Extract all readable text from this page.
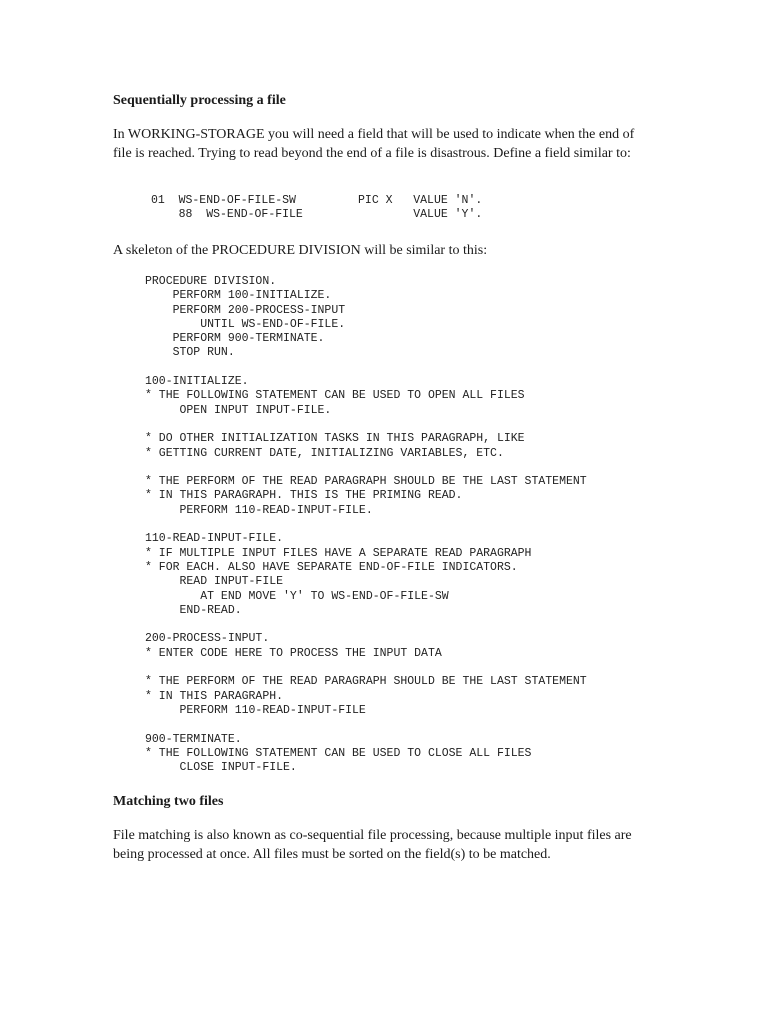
Sequentially processing a file

In WORKING-STORAGE you will need a field that will be used to indicate when the end of file is reached. Trying to read beyond the end of a file is disastrous. Define a field similar to:

01  WS-END-OF-FILE-SW         PIC X   VALUE 'N'.
88  WS-END-OF-FILE                VALUE 'Y'.

A skeleton of the PROCEDURE DIVISION will be similar to this:

PROCEDURE DIVISION.
PERFORM 100-INITIALIZE.
PERFORM 200-PROCESS-INPUT
UNTIL WS-END-OF-FILE.
PERFORM 900-TERMINATE.
STOP RUN.
100-INITIALIZE.
* THE FOLLOWING STATEMENT CAN BE USED TO OPEN ALL FILES
OPEN INPUT INPUT-FILE.
* DO OTHER INITIALIZATION TASKS IN THIS PARAGRAPH, LIKE
* GETTING CURRENT DATE, INITIALIZING VARIABLES, ETC.
* THE PERFORM OF THE READ PARAGRAPH SHOULD BE THE LAST STATEMENT
* IN THIS PARAGRAPH. THIS IS THE PRIMING READ.
PERFORM 110-READ-INPUT-FILE.
110-READ-INPUT-FILE.
* IF MULTIPLE INPUT FILES HAVE A SEPARATE READ PARAGRAPH
* FOR EACH. ALSO HAVE SEPARATE END-OF-FILE INDICATORS.
READ INPUT-FILE
AT END MOVE 'Y' TO WS-END-OF-FILE-SW
END-READ.
200-PROCESS-INPUT.
* ENTER CODE HERE TO PROCESS THE INPUT DATA
* THE PERFORM OF THE READ PARAGRAPH SHOULD BE THE LAST STATEMENT
* IN THIS PARAGRAPH.
PERFORM 110-READ-INPUT-FILE
900-TERMINATE.
* THE FOLLOWING STATEMENT CAN BE USED TO CLOSE ALL FILES
CLOSE INPUT-FILE.
Matching two files

File matching is also known as co-sequential file processing, because multiple input files are being processed at once. All files must be sorted on the field(s) to be matched.
